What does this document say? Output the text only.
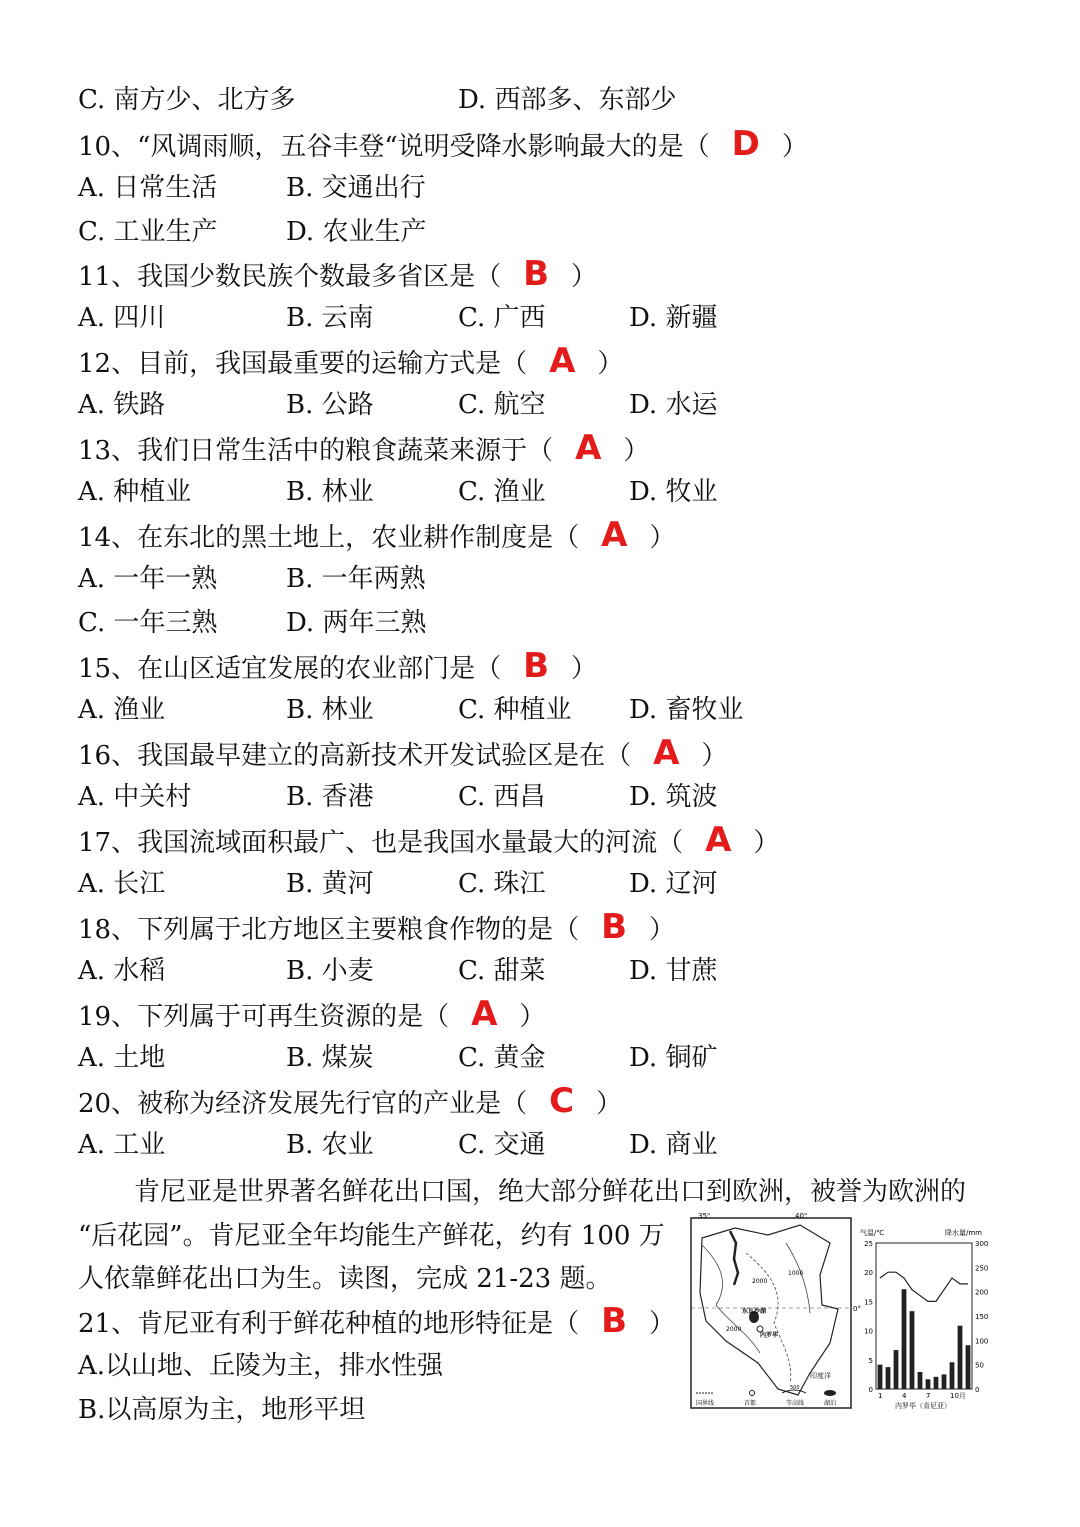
C. 南方少、北方多	D. 西部多、东部少
10、“风调雨顺，五谷丰登“说明受降水影响最大的是（ D ）
A. 日常生活	B. 交通出行
C. 工业生产	D. 农业生产
11、我国少数民族个数最多省区是（ B ）
A. 四川	B. 云南	C. 广西	D. 新疆
12、目前，我国最重要的运输方式是（ A ）
A. 铁路	B. 公路	C. 航空	D. 水运
13、我们日常生活中的粮食蔬菜来源于（ A ）
A. 种植业	B. 林业	C. 渔业	D. 牧业
14、在东北的黑土地上，农业耕作制度是（ A ）
A. 一年一熟	B. 一年两熟
C. 一年三熟	D. 两年三熟
15、在山区适宜发展的农业部门是（ B ）
A. 渔业	B. 林业	C. 种植业 D. 畜牧业
16、我国最早建立的高新技术开发试验区是在（ A ）
A. 中关村	B. 香港	C. 西昌	D. 筑波
17、我国流域面积最广、也是我国水量最大的河流（ A ）
A. 长江	B. 黄河	C. 珠江	D. 辽河
18、下列属于北方地区主要粮食作物的是（ B ）
A. 水稻	B. 小麦	C. 甜菜	D. 甘蔗
19、下列属于可再生资源的是（ A ）
A. 土地	B. 煤炭	C. 黄金	D. 铜矿
20、被称为经济发展先行官的产业是（ C ）
A. 工业	B. 农业	C. 交通	D. 商业
肯尼亚是世界著名鲜花出口国，绝大部分鲜花出口到欧洲，被誉为欧洲的
“后花园”。肯尼亚全年均能生产鲜花，约有 100 万
人依靠鲜花出口为生。读图，完成 21-23 题。
21、肯尼亚有利于鲜花种植的地形特征是（ B ）
A.以山地、丘陵为主，排水性强
B.以高原为主，地形平坦
35°	40°
0°
2000
1000
2000
东瓦沙湖
内罗毕
印度洋
500
国界线	首都	等高线	湖泊
气温/℃	降水量/mm
25
20
15
10
5
0
300
250
200
150
100
50
0
1	4	7	10月
内罗毕（肯尼亚）
